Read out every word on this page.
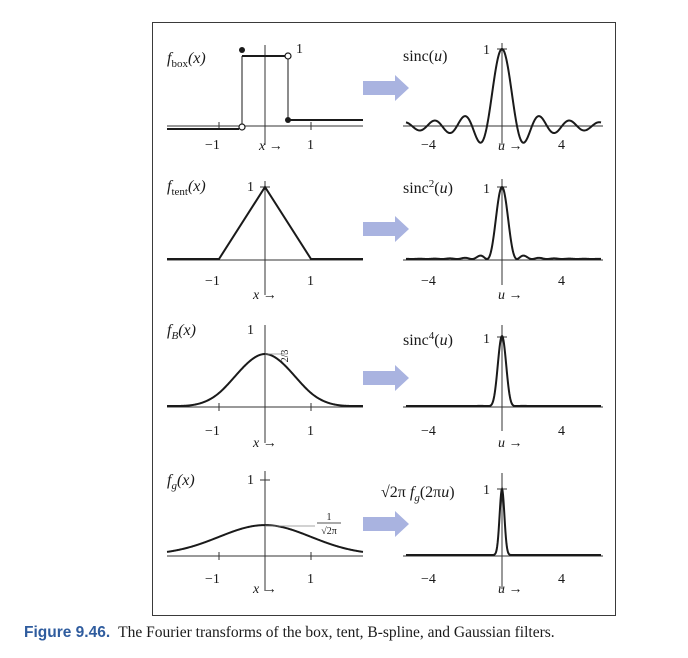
$f_{box}(x)$
1
−1	1
x →
sinc(u)	1
−4	4
u →
$f_{tent}(x)$	1
−1	1
x →
sinc$^2$(u) 1
−4	4
u →
$f_B(x)$	1
2/3
−1	1
x →
sinc$^4$(u) 1
−4	4
u →
$f_g(x)$	1
1
√2π
−1	1
x →
√2π $f_g(2\pi u)$ 1
−4	4
u →
Figure 9.46. The Fourier transforms of the box, tent, B-spline, and Gaussian filters.
